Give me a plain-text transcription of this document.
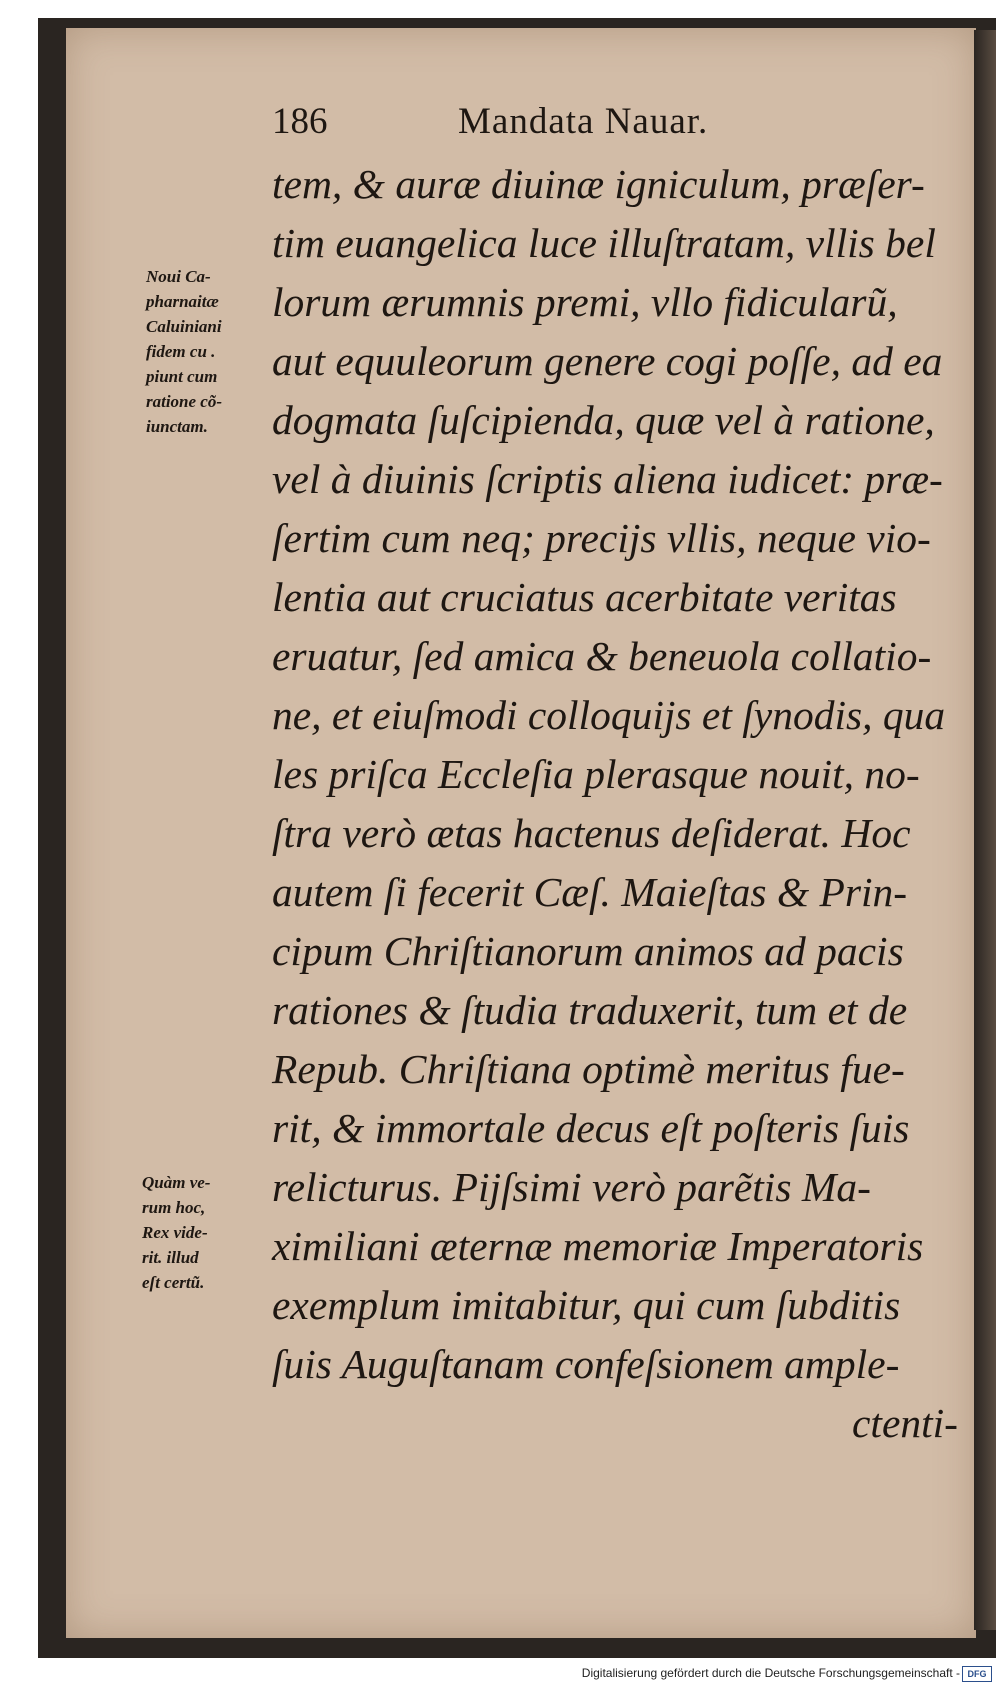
186	Mandata Nauar.
tem, & auræ diuinæ igniculum, præſer-
tim euangelica luce illuſtratam, vllis bel
lorum ærumnis premi, vllo fidicularũ,
aut equuleorum genere cogi poſſe, ad ea
dogmata ſuſcipienda, quæ vel à ratione,
vel à diuinis ſcriptis aliena iudicet: præ-
ſertim cum neq; precijs vllis, neque vio-
lentia aut cruciatus acerbitate veritas
eruatur, ſed amica & beneuola collatio-
ne, et eiuſmodi colloquijs et ſynodis, qua
les priſca Eccleſia plerasque nouit, no-
ſtra verò ætas hactenus deſiderat. Hoc
autem ſi fecerit Cæſ. Maieſtas & Prin-
cipum Chriſtianorum animos ad pacis
rationes & ſtudia traduxerit, tum et de
Repub. Chriſtiana optimè meritus fue-
rit, & immortale decus eſt poſteris ſuis
relicturus. Pijſsimi verò parẽtis Ma-
ximiliani æternæ memoriæ Imperatoris
exemplum imitabitur, qui cum ſubditis
ſuis Auguſtanam confeſsionem ample-
ctenti-
Noui Ca-
pharnaitæ
Caluiniani
fidem cu .
piunt cum
ratione cõ-
iunctam.
Quàm ve-
rum hoc,
Rex vide-
rit. illud
eſt certũ.
Digitalisierung gefördert durch die Deutsche Forschungsgemeinschaft - DFG
